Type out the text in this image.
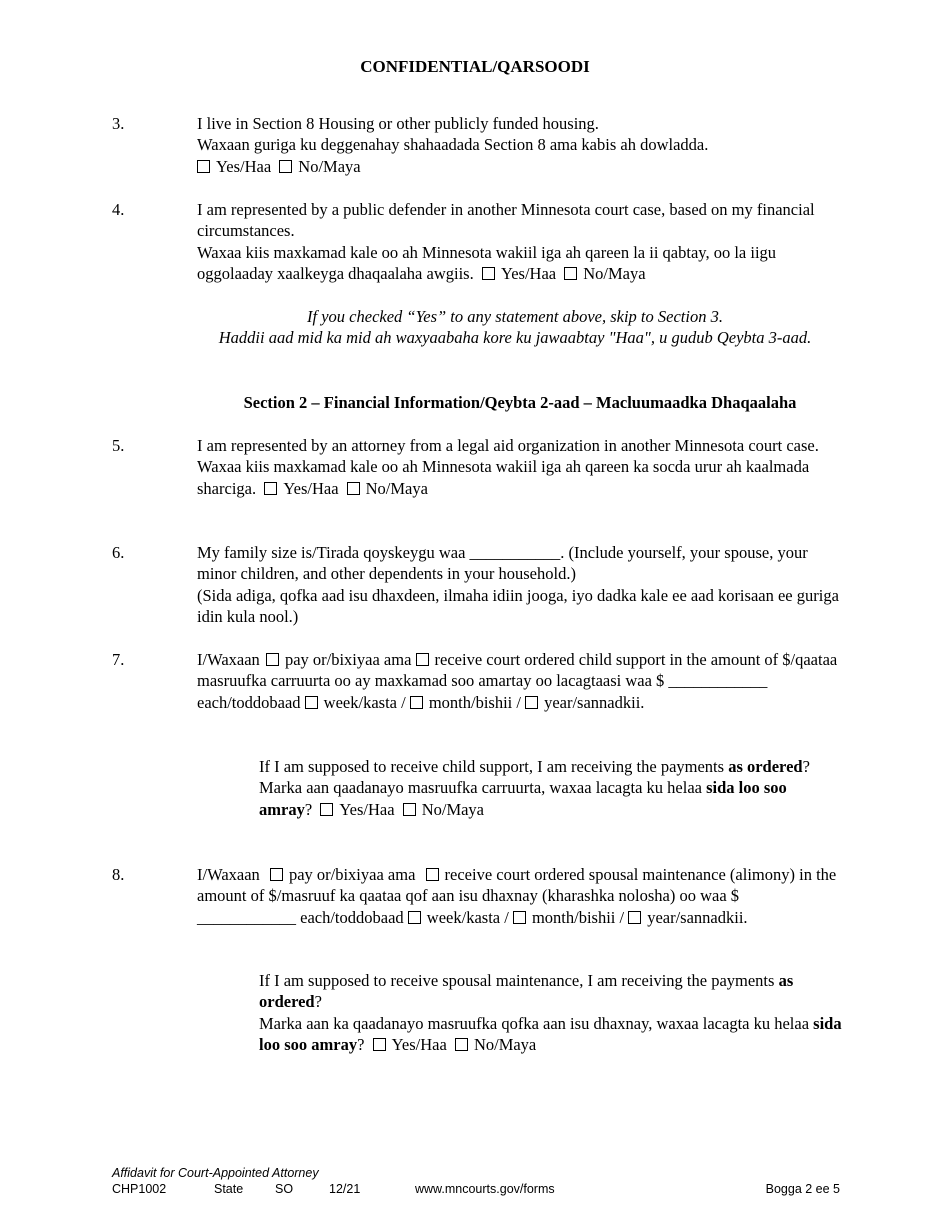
CONFIDENTIAL/QARSOODI
3.	I live in Section 8 Housing or other publicly funded housing.
Waxaan guriga ku deggenahay shahaadada Section 8 ama kabis ah dowladda.
Yes/Haa No/Maya
4.	I am represented by a public defender in another Minnesota court case, based on my financial circumstances.
Waxaa kiis maxkamad kale oo ah Minnesota wakiil iga ah qareen la ii qabtay, oo la iigu oggolaaday xaalkeyga dhaqaalaha awgiis. Yes/Haa No/Maya
If you checked “Yes” to any statement above, skip to Section 3.
Haddii aad mid ka mid ah waxyaabaha kore ku jawaabtay "Haa", u gudub Qeybta 3-aad.
Section 2 – Financial Information/Qeybta 2-aad – Macluumaadka Dhaqaalaha
5.	I am represented by an attorney from a legal aid organization in another Minnesota court case.
Waxaa kiis maxkamad kale oo ah Minnesota wakiil iga ah qareen ka socda urur ah kaalmada sharciga. Yes/Haa No/Maya
6.	My family size is/Tirada qoyskeygu waa ___________. (Include yourself, your spouse, your minor children, and other dependents in your household.)
(Sida adiga, qofka aad isu dhaxdeen, ilmaha idiin jooga, iyo dadka kale ee aad korisaan ee guriga idin kula nool.)
7.	I/Waxaan pay or/bixiyaa ama receive court ordered child support in the amount of $/qaataa masruufka carruurta oo ay maxkamad soo amartay oo lacagtaasi waa $ ____________ each/toddobaad week/kasta / month/bishii / year/sannadkii.
If I am supposed to receive child support, I am receiving the payments as ordered?
Marka aan qaadanayo masruufka carruurta, waxaa lacagta ku helaa sida loo soo amray? Yes/Haa No/Maya
8.	I/Waxaan pay or/bixiyaa ama receive court ordered spousal maintenance (alimony) in the amount of $/masruuf ka qaataa qof aan isu dhaxnay (kharashka nolosha) oo waa $ ____________ each/toddobaad week/kasta / month/bishii / year/sannadkii.
If I am supposed to receive spousal maintenance, I am receiving the payments as ordered?
Marka aan ka qaadanayo masruufka qofka aan isu dhaxnay, waxaa lacagta ku helaa sida loo soo amray? Yes/Haa No/Maya
Affidavit for Court-Appointed Attorney
CHP1002	State	SO	12/21	www.mncourts.gov/forms	Bogga 2 ee 5
